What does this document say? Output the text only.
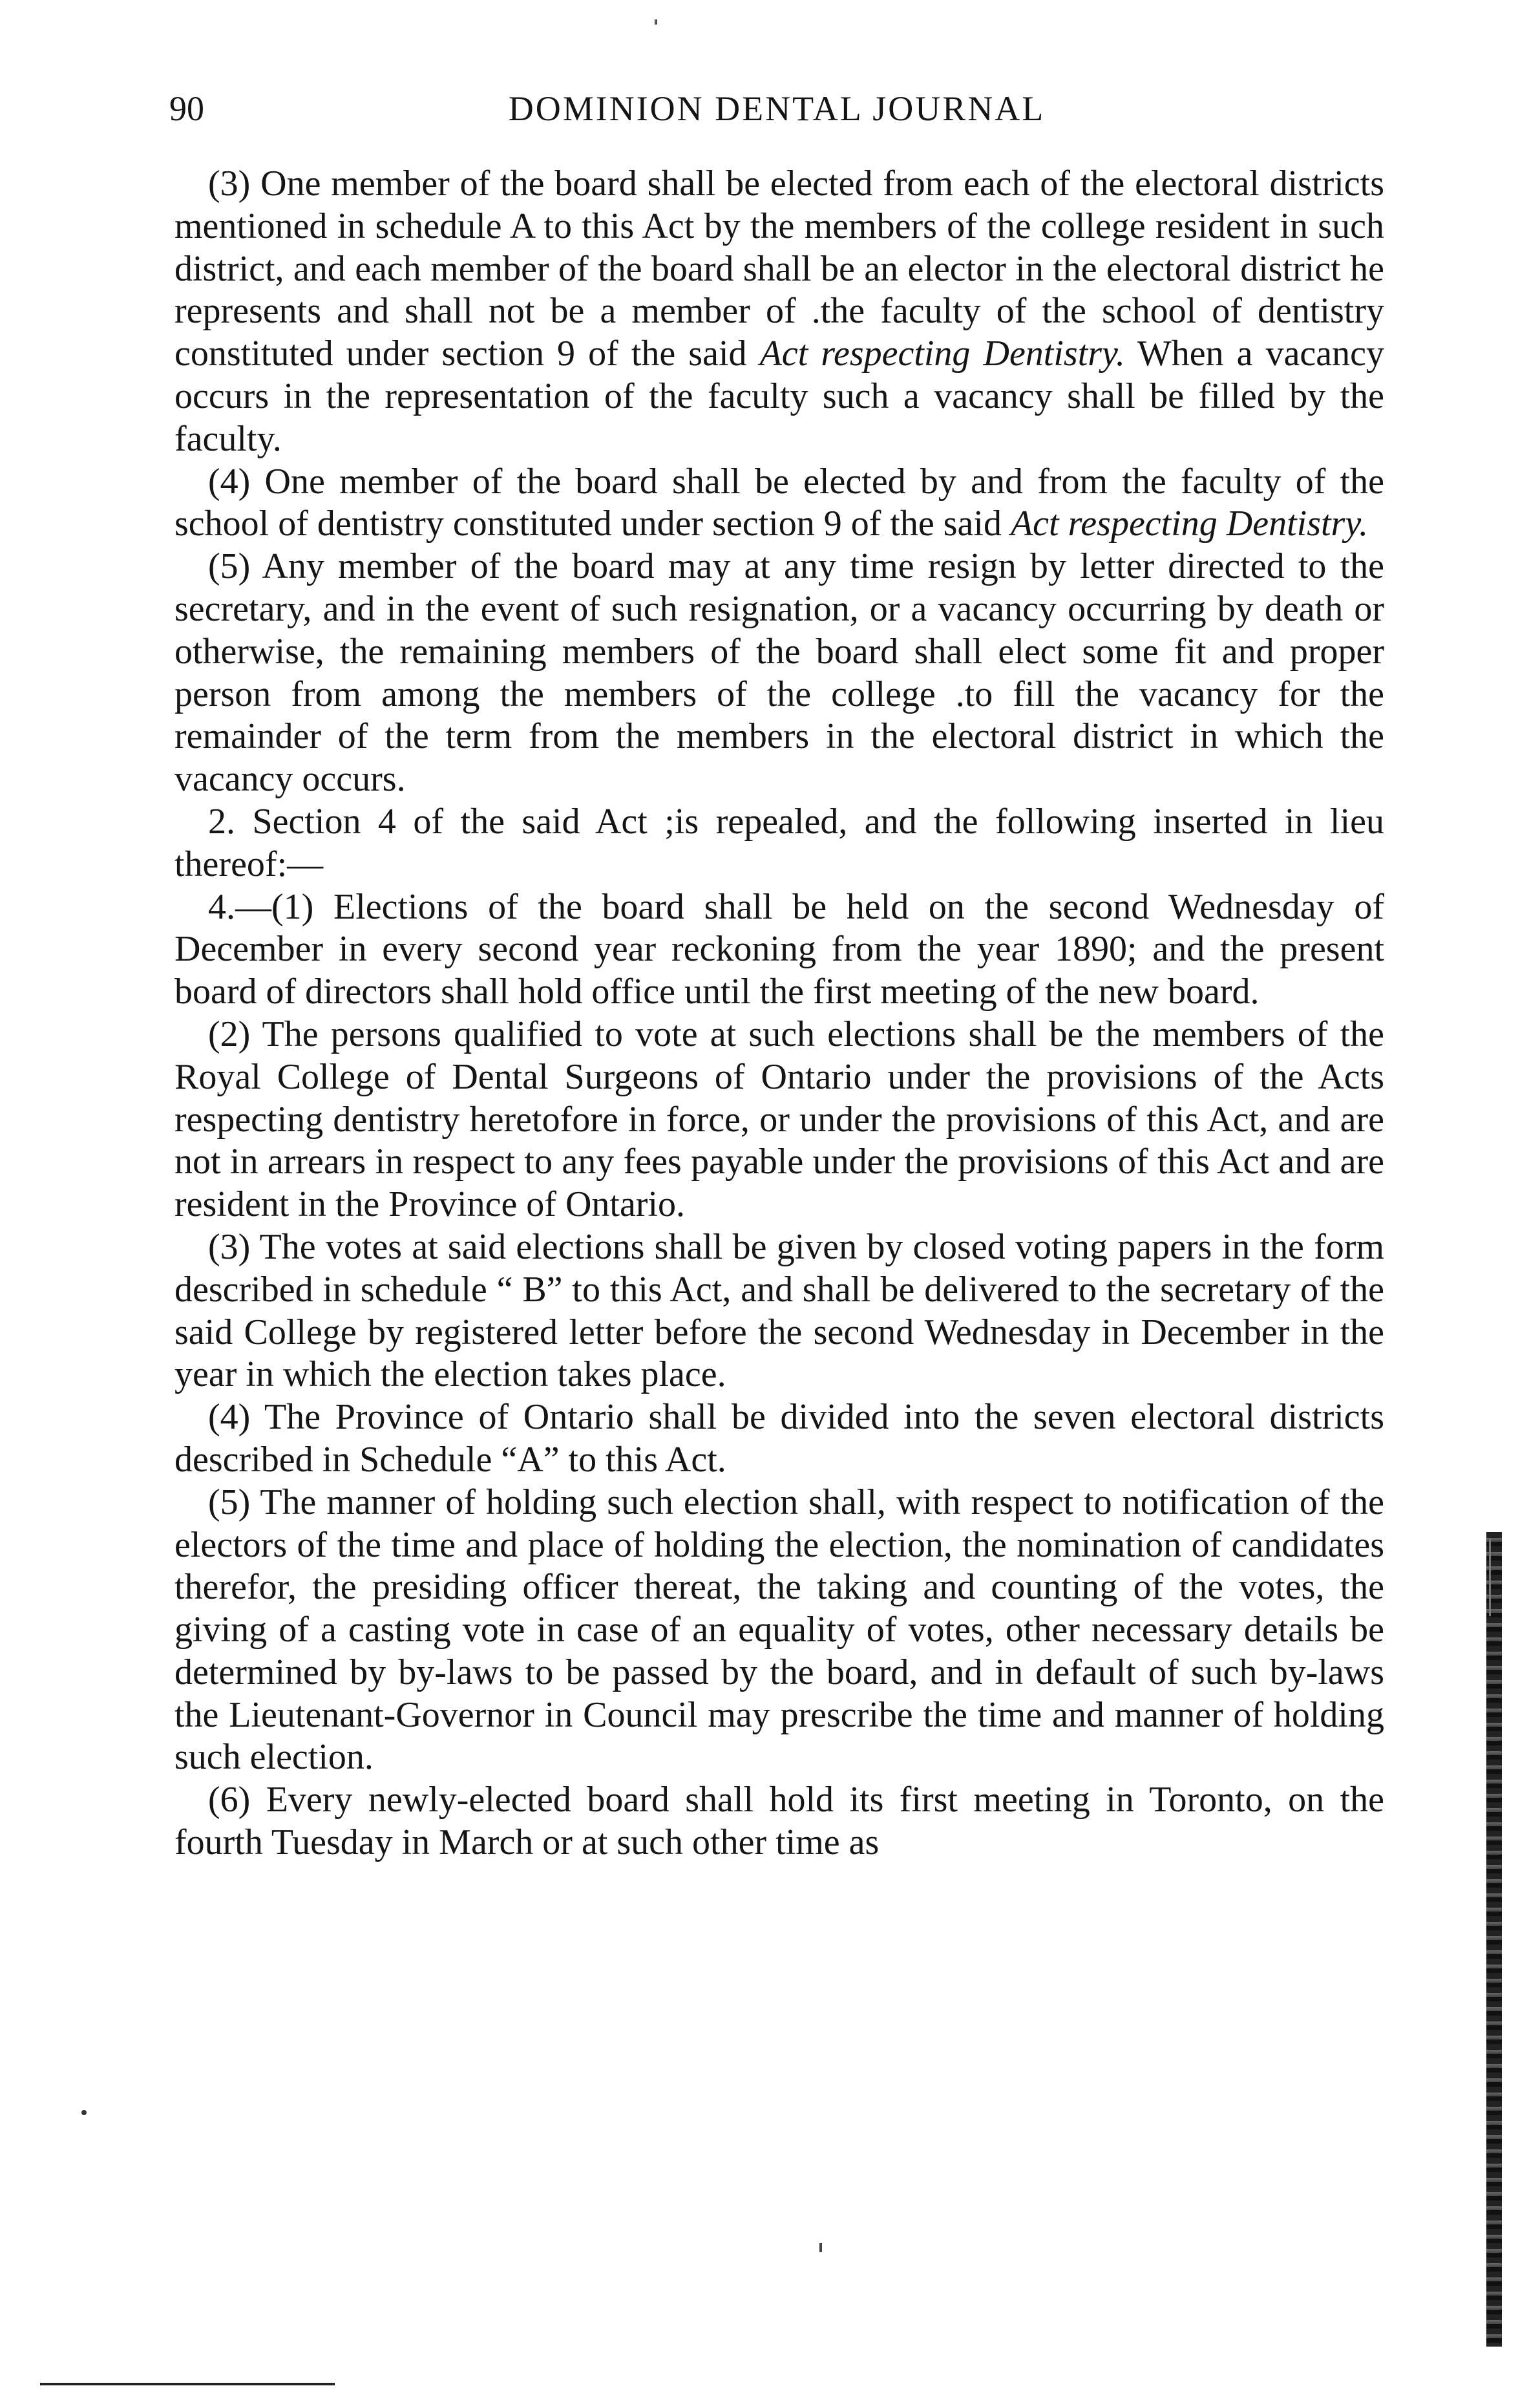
90	DOMINION DENTAL JOURNAL

(3) One member of the board shall be elected from each of the electoral districts mentioned in schedule A to this Act by the members of the college resident in such district, and each member of the board shall be an elector in the electoral district he represents and shall not be a member of .the faculty of the school of dentistry constituted under section 9 of the said Act respecting Dentistry. When a vacancy occurs in the representation of the faculty such a vacancy shall be filled by the faculty.

(4) One member of the board shall be elected by and from the faculty of the school of dentistry constituted under section 9 of the said Act respecting Dentistry.

(5) Any member of the board may at any time resign by letter directed to the secretary, and in the event of such resignation, or a vacancy occurring by death or otherwise, the remaining members of the board shall elect some fit and proper person from among the members of the college .to fill the vacancy for the remainder of the term from the members in the electoral district in which the vacancy occurs.

2. Section 4 of the said Act ;is repealed, and the following inserted in lieu thereof:—

4.—(1) Elections of the board shall be held on the second Wednesday of December in every second year reckoning from the year 1890; and the present board of directors shall hold office until the first meeting of the new board.

(2) The persons qualified to vote at such elections shall be the members of the Royal College of Dental Surgeons of Ontario under the provisions of the Acts respecting dentistry heretofore in force, or under the provisions of this Act, and are not in arrears in respect to any fees payable under the provisions of this Act and are resident in the Province of Ontario.

(3) The votes at said elections shall be given by closed voting papers in the form described in schedule “ B” to this Act, and shall be delivered to the secretary of the said College by registered letter before the second Wednesday in December in the year in which the election takes place.

(4) The Province of Ontario shall be divided into the seven electoral districts described in Schedule “A” to this Act.

(5) The manner of holding such election shall, with respect to notification of the electors of the time and place of holding the election, the nomination of candidates therefor, the presiding officer thereat, the taking and counting of the votes, the giving of a casting vote in case of an equality of votes, other necessary details be determined by by-laws to be passed by the board, and in default of such by-laws the Lieutenant-Governor in Council may prescribe the time and manner of holding such election.

(6) Every newly-elected board shall hold its first meeting in Toronto, on the fourth Tuesday in March or at such other time as
